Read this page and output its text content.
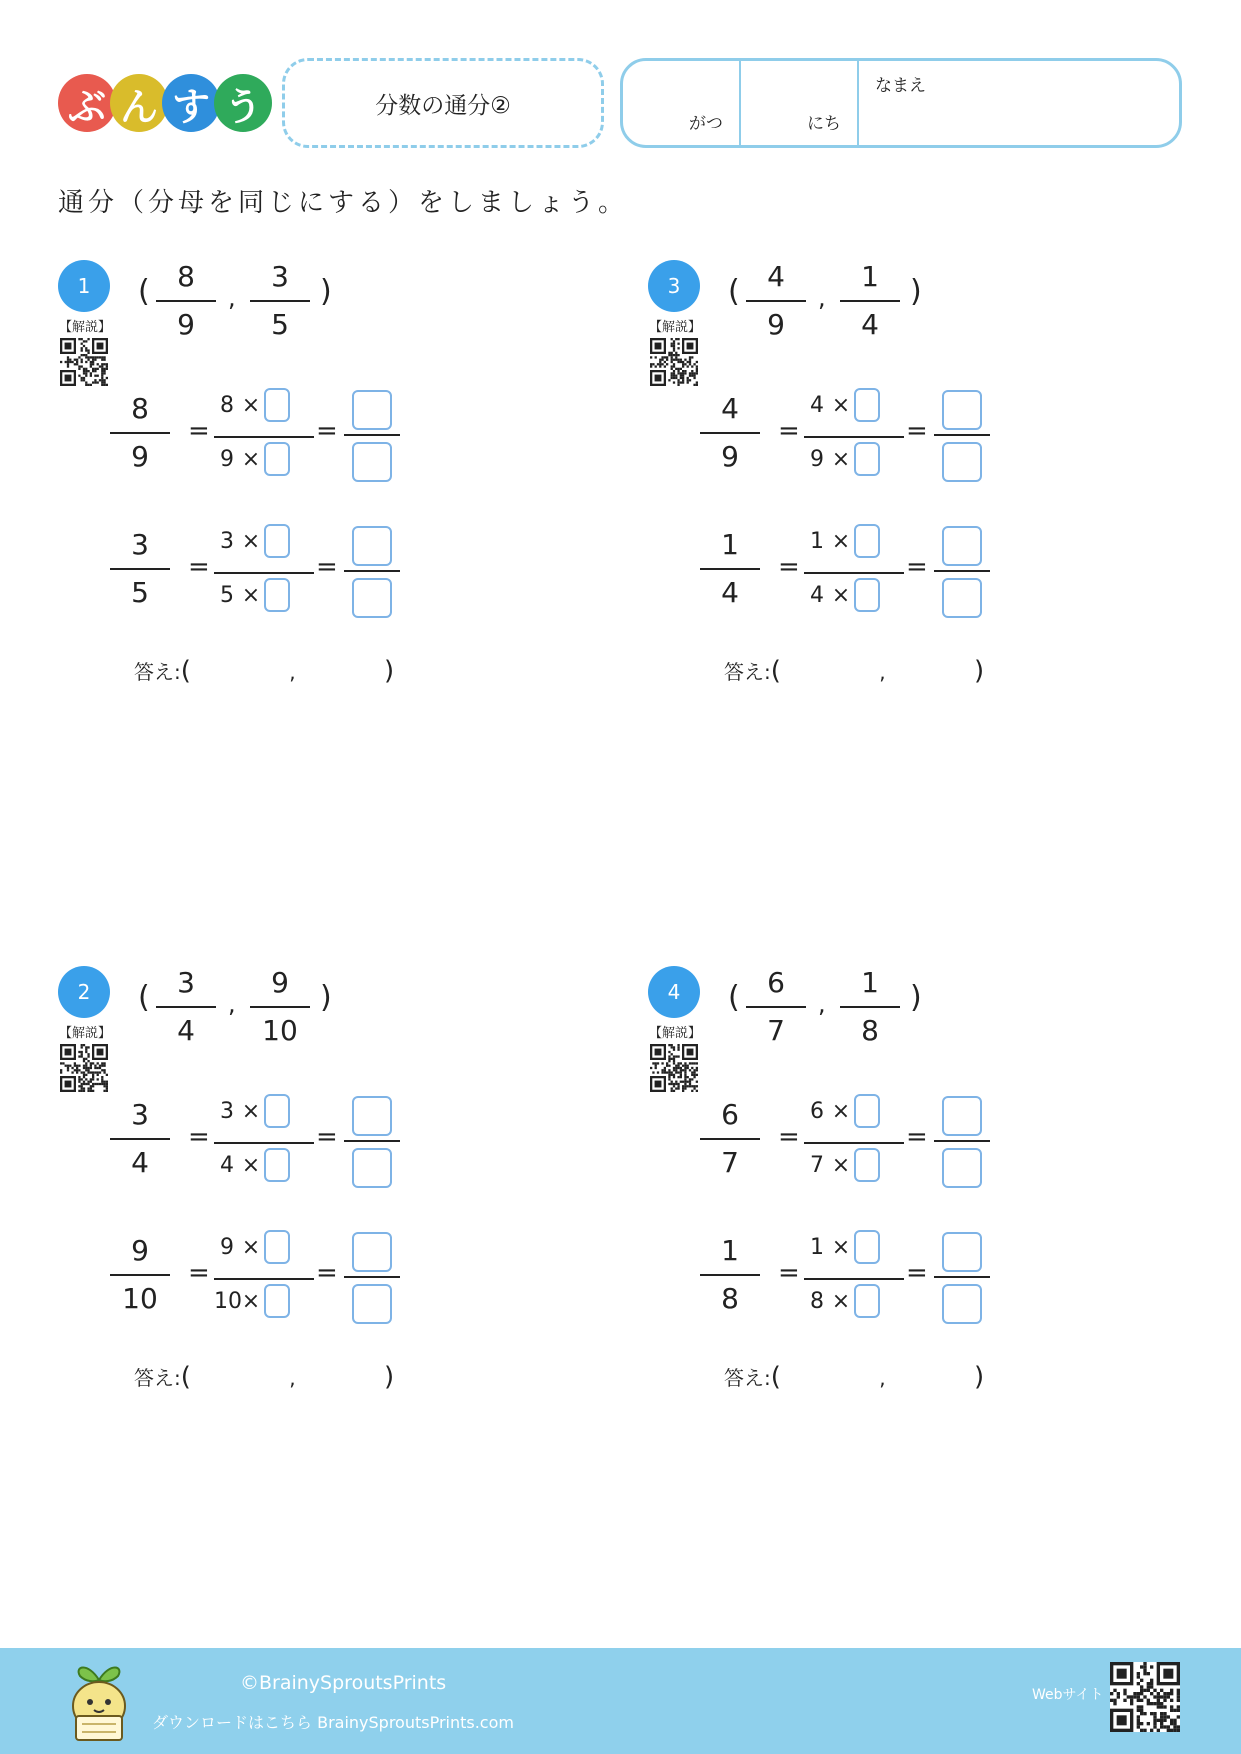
ぶ ん す う	分数の通分②
がつ	にち
なまえ
通分（分母を同じにする）をしましょう。
1
【解説】
( 8
9
,
3
5
)
8
9
=
8 ×
9 ×
=
3
5
=
3 ×
5 ×
=
答え:(	,	)
2
【解説】
( 3
4
,
9
10
)
3
4
=
3 ×
4 ×
=
9
10
=
9 ×
10 ×
=
答え:(	,	)
3
【解説】
( 4
9
,
1
4
)
4
9
=
4 ×
9 ×
=
1
4
=
1 ×
4 ×
=
答え:(	,	)
4
【解説】
( 6
7
,
1
8
)
6
7
=
6 ×
7 ×
=
1
8
=
1 ×
8 ×
=
答え:(	,	)
©BrainySproutsPrints
ダウンロードはこちら BrainySproutsPrints.com
Webサイト
